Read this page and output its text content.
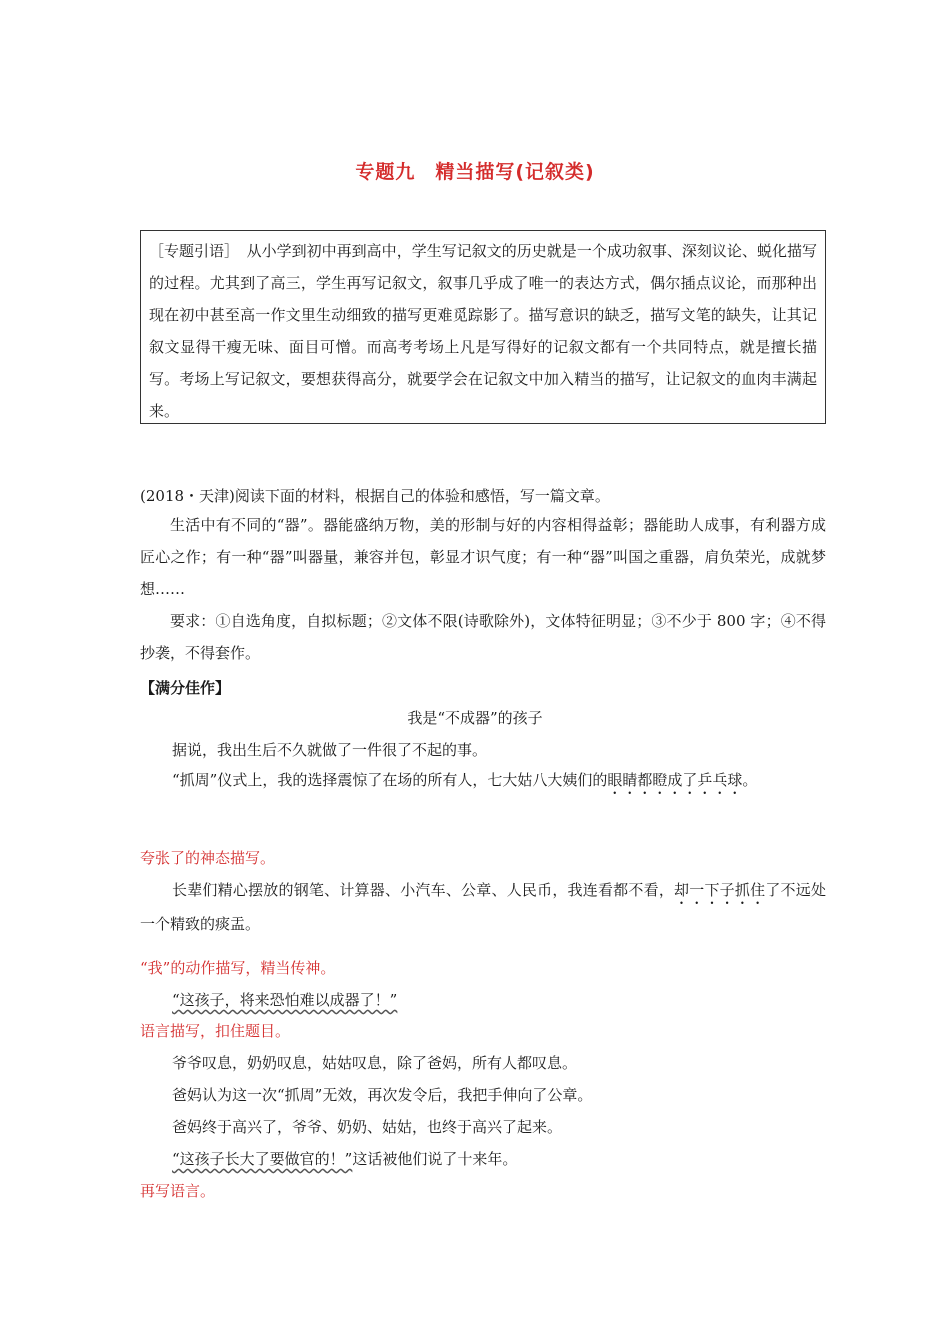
专题九　精当描写(记叙类)
［专题引语］　从小学到初中再到高中，学生写记叙文的历史就是一个成功叙事、深刻议论、蜕化描写的过程。尤其到了高三，学生再写记叙文，叙事几乎成了唯一的表达方式，偶尔插点议论，而那种出现在初中甚至高一作文里生动细致的描写更难觅踪影了。描写意识的缺乏，描写文笔的缺失，让其记叙文显得干瘦无味、面目可憎。而高考考场上凡是写得好的记叙文都有一个共同特点，就是擅长描写。考场上写记叙文，要想获得高分，就要学会在记叙文中加入精当的描写，让记叙文的血肉丰满起来。
(2018・天津)阅读下面的材料，根据自己的体验和感悟，写一篇文章。
生活中有不同的“器”。器能盛纳万物，美的形制与好的内容相得益彰；器能助人成事，有利器方成匠心之作；有一种“器”叫器量，兼容并包，彰显才识气度；有一种“器”叫国之重器，肩负荣光，成就梦想……
要求：①自选角度，自拟标题；②文体不限(诗歌除外)，文体特征明显；③不少于 800 字；④不得抄袭，不得套作。
【满分佳作】
我是“不成器”的孩子
据说，我出生后不久就做了一件很了不起的事。
“抓周”仪式上，我的选择震惊了在场的所有人，七大姑八大姨们的眼睛都瞪成了乒乓球。
夸张了的神态描写。
长辈们精心摆放的钢笔、计算器、小汽车、公章、人民币，我连看都不看，却一下子抓住了不远处一个精致的痰盂。
“我”的动作描写，精当传神。
“这孩子，将来恐怕难以成器了！”
语言描写，扣住题目。
爷爷叹息，奶奶叹息，姑姑叹息，除了爸妈，所有人都叹息。
爸妈认为这一次“抓周”无效，再次发令后，我把手伸向了公章。
爸妈终于高兴了，爷爷、奶奶、姑姑，也终于高兴了起来。
“这孩子长大了要做官的！”这话被他们说了十来年。
再写语言。
